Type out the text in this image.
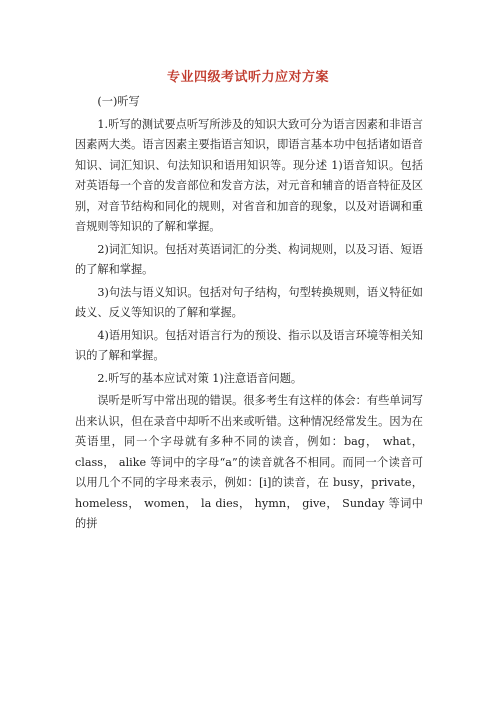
专业四级考试听力应对方案

(一)听写

1.听写的测试要点听写所涉及的知识大致可分为语言因素和非语言因素两大类。语言因素主要指语言知识，即语言基本功中包括诸如语音知识、词汇知识、句法知识和语用知识等。现分述 1)语音知识。包括对英语每一个音的发音部位和发音方法，对元音和辅音的语音特征及区别，对音节结构和同化的规则，对省音和加音的现象，以及对语调和重音规则等知识的了解和掌握。

2)词汇知识。包括对英语词汇的分类、构词规则，以及习语、短语的了解和掌握。

3)句法与语义知识。包括对句子结构，句型转换规则，语义特征如歧义、反义等知识的了解和掌握。

4)语用知识。包括对语言行为的预设、指示以及语言环境等相关知识的了解和掌握。

2.听写的基本应试对策 1)注意语音问题。

误听是听写中常出现的错误。很多考生有这样的体会：有些单词写出来认识，但在录音中却听不出来或听错。这种情况经常发生。因为在英语里，同一个字母就有多种不同的读音，例如：bag， what， class， alike 等词中的字母“a”的读音就各不相同。而同一个读音可以用几个不同的字母来表示，例如：[i]的读音，在 busy，private，homeless， women， la dies， hymn， give， Sunday 等词中的拼
